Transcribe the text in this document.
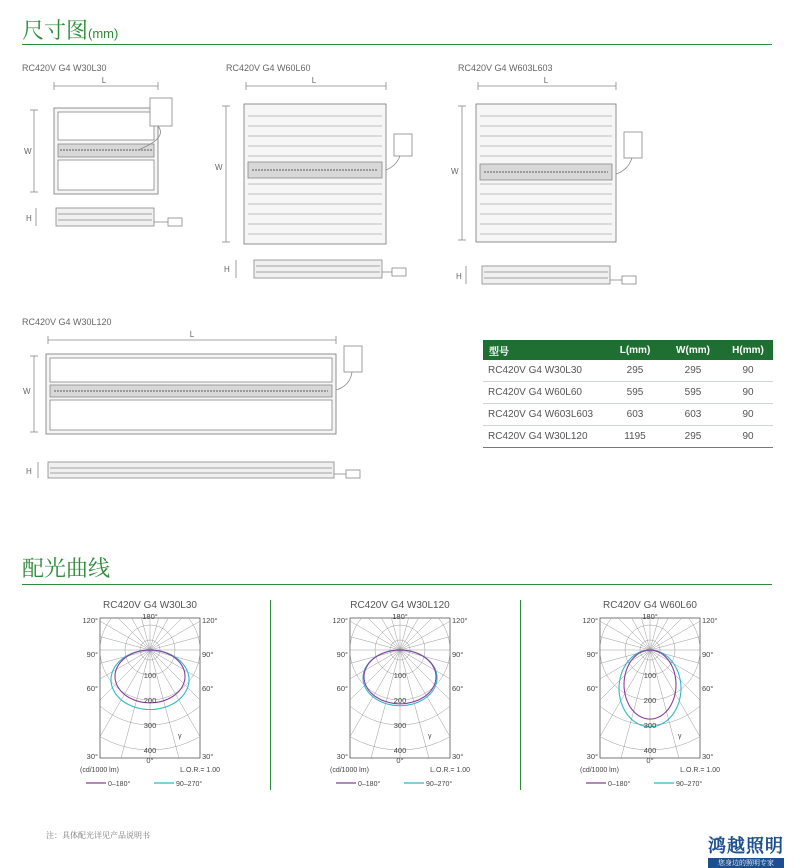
尺寸图(mm)
RC420V G4 W30L30
L
W
H
RC420V G4 W60L60
L
W
H
RC420V G4 W603L603
L
W
H
RC420V G4 W30L120
L
W
H
型号	L(mm)	W(mm)	H(mm)
RC420V G4 W30L30	295	295	90
RC420V G4 W60L60	595	595	90
RC420V G4 W603L603	603	603	90
RC420V G4 W30L120	1195	295	90
配光曲线
RC420V G4 W30L30
120°	180°	120°
90°	90°
60°	60°
30°	0°	30°
100
200
300
400
γ
(cd/1000 lm)	L.O.R.= 1.00
0–180°	90–270°
RC420V G4 W30L120
120°	180°	120°
90°	90°
60°	60°
30°	0°	30°
100
200
300
400
γ
(cd/1000 lm)	L.O.R.= 1.00
0–180°	90–270°
RC420V G4 W60L60
120°	180°	120°
90°	90°
60°	60°
30°	0°	30°
100
200
300
400
γ
(cd/1000 lm)	L.O.R.= 1.00
0–180°	90–270°
注：具体配光详见产品说明书
鸿越照明
您身边的照明专家
